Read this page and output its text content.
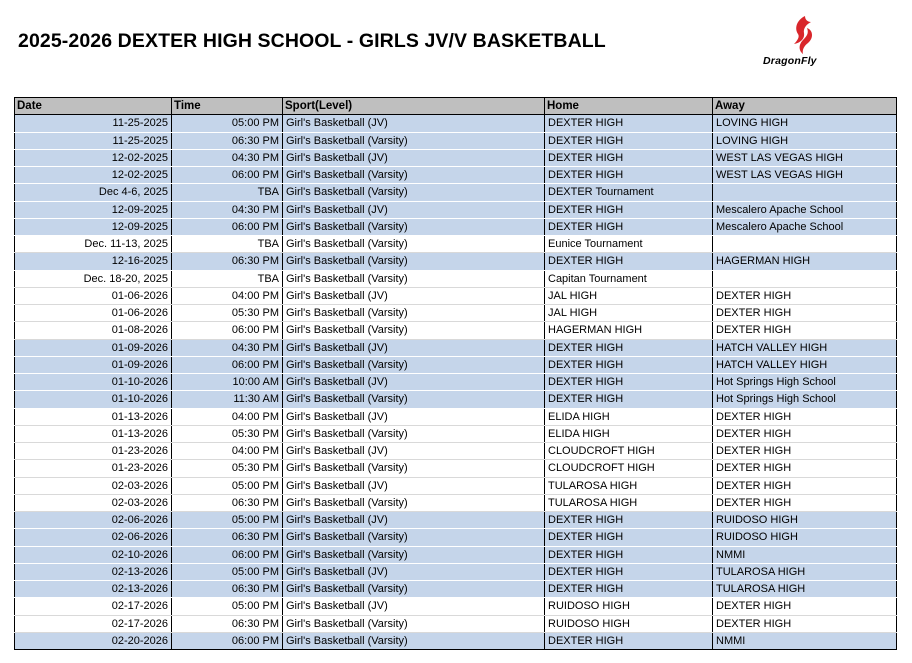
2025-2026 DEXTER HIGH SCHOOL - GIRLS JV/V BASKETBALL
DragonFly
Date	Time	Sport(Level)	Home	Away
11-25-2025	05:00 PM	Girl's Basketball (JV)	DEXTER HIGH	LOVING HIGH
11-25-2025	06:30 PM	Girl's Basketball (Varsity)	DEXTER HIGH	LOVING HIGH
12-02-2025	04:30 PM	Girl's Basketball (JV)	DEXTER HIGH	WEST LAS VEGAS HIGH
12-02-2025	06:00 PM	Girl's Basketball (Varsity)	DEXTER HIGH	WEST LAS VEGAS HIGH
Dec 4-6, 2025	TBA	Girl's Basketball (Varsity)	DEXTER Tournament	
12-09-2025	04:30 PM	Girl's Basketball (JV)	DEXTER HIGH	Mescalero Apache School
12-09-2025	06:00 PM	Girl's Basketball (Varsity)	DEXTER HIGH	Mescalero Apache School
Dec. 11-13, 2025	TBA	Girl's Basketball (Varsity)	Eunice Tournament	
12-16-2025	06:30 PM	Girl's Basketball (Varsity)	DEXTER HIGH	HAGERMAN HIGH
Dec. 18-20, 2025	TBA	Girl's Basketball (Varsity)	Capitan Tournament	
01-06-2026	04:00 PM	Girl's Basketball (JV)	JAL HIGH	DEXTER HIGH
01-06-2026	05:30 PM	Girl's Basketball (Varsity)	JAL HIGH	DEXTER HIGH
01-08-2026	06:00 PM	Girl's Basketball (Varsity)	HAGERMAN HIGH	DEXTER HIGH
01-09-2026	04:30 PM	Girl's Basketball (JV)	DEXTER HIGH	HATCH VALLEY HIGH
01-09-2026	06:00 PM	Girl's Basketball (Varsity)	DEXTER HIGH	HATCH VALLEY HIGH
01-10-2026	10:00 AM	Girl's Basketball (JV)	DEXTER HIGH	Hot Springs High School
01-10-2026	11:30 AM	Girl's Basketball (Varsity)	DEXTER HIGH	Hot Springs High School
01-13-2026	04:00 PM	Girl's Basketball (JV)	ELIDA HIGH	DEXTER HIGH
01-13-2026	05:30 PM	Girl's Basketball (Varsity)	ELIDA HIGH	DEXTER HIGH
01-23-2026	04:00 PM	Girl's Basketball (JV)	CLOUDCROFT HIGH	DEXTER HIGH
01-23-2026	05:30 PM	Girl's Basketball (Varsity)	CLOUDCROFT HIGH	DEXTER HIGH
02-03-2026	05:00 PM	Girl's Basketball (JV)	TULAROSA HIGH	DEXTER HIGH
02-03-2026	06:30 PM	Girl's Basketball (Varsity)	TULAROSA HIGH	DEXTER HIGH
02-06-2026	05:00 PM	Girl's Basketball (JV)	DEXTER HIGH	RUIDOSO HIGH
02-06-2026	06:30 PM	Girl's Basketball (Varsity)	DEXTER HIGH	RUIDOSO HIGH
02-10-2026	06:00 PM	Girl's Basketball (Varsity)	DEXTER HIGH	NMMI
02-13-2026	05:00 PM	Girl's Basketball (JV)	DEXTER HIGH	TULAROSA HIGH
02-13-2026	06:30 PM	Girl's Basketball (Varsity)	DEXTER HIGH	TULAROSA HIGH
02-17-2026	05:00 PM	Girl's Basketball (JV)	RUIDOSO HIGH	DEXTER HIGH
02-17-2026	06:30 PM	Girl's Basketball (Varsity)	RUIDOSO HIGH	DEXTER HIGH
02-20-2026	06:00 PM	Girl's Basketball (Varsity)	DEXTER HIGH	NMMI
